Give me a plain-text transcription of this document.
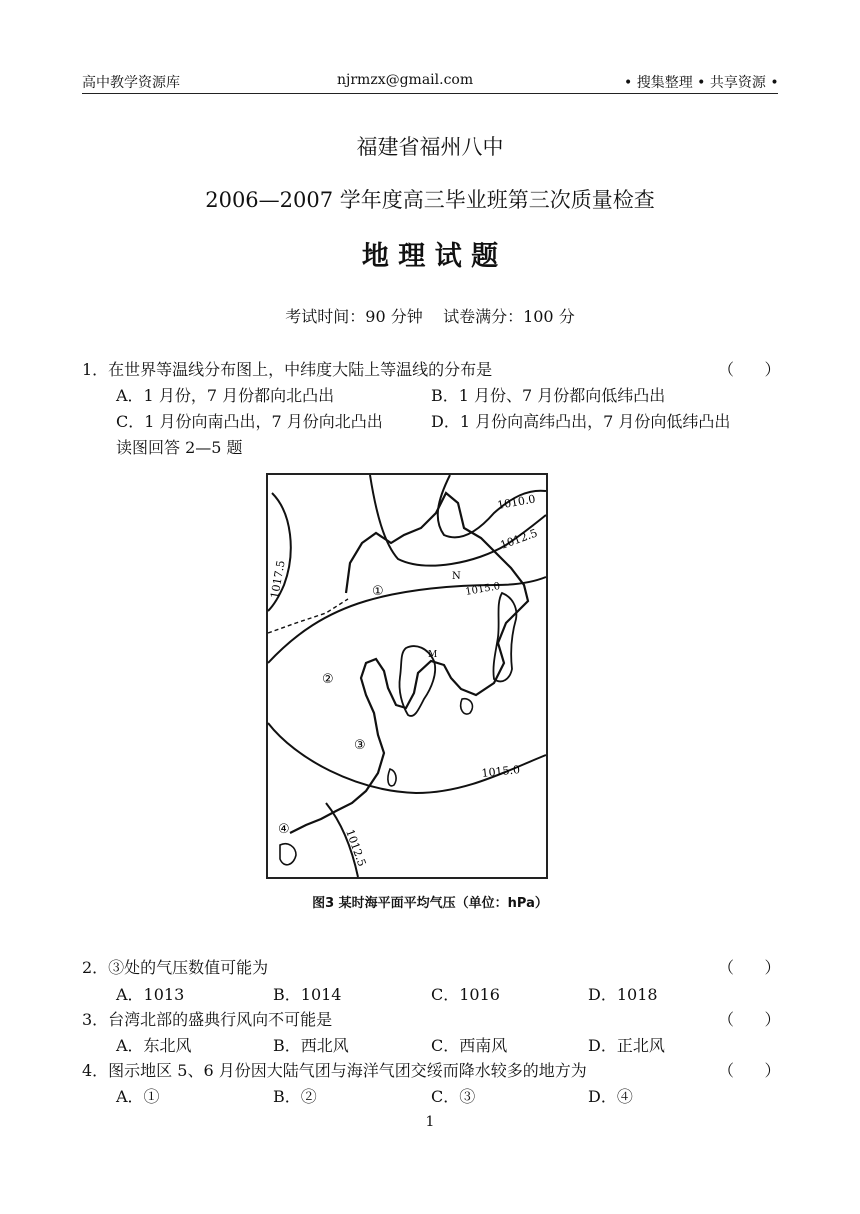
高中教学资源库	njrmzx@gmail.com	• 搜集整理 • 共享资源 •
福建省福州八中
2006—2007 学年度高三毕业班第三次质量检查
地 理 试 题
考试时间：90 分钟    试卷满分：100 分
1．在世界等温线分布图上，中纬度大陆上等温线的分布是	（      ）
A．1 月份，7 月份都向北凸出	B．1 月份、7 月份都向低纬凸出
C．1 月份向南凸出，7 月份向北凸出	D．1 月份向高纬凸出，7 月份向低纬凸出
读图回答 2—5 题
1010.0
1012.5
1015.0
1017.5
1015.0
1012.5
①
②
③
④
N
M
图3 某时海平面平均气压（单位：hPa）
2．③处的气压数值可能为	（      ）
A．1013	B．1014	C．1016	D．1018
3．台湾北部的盛典行风向不可能是	（      ）
A．东北风	B．西北风	C．西南风	D．正北风
4．图示地区 5、6 月份因大陆气团与海洋气团交绥而降水较多的地方为	（      ）
A．①	B．②	C．③	D．④
1
